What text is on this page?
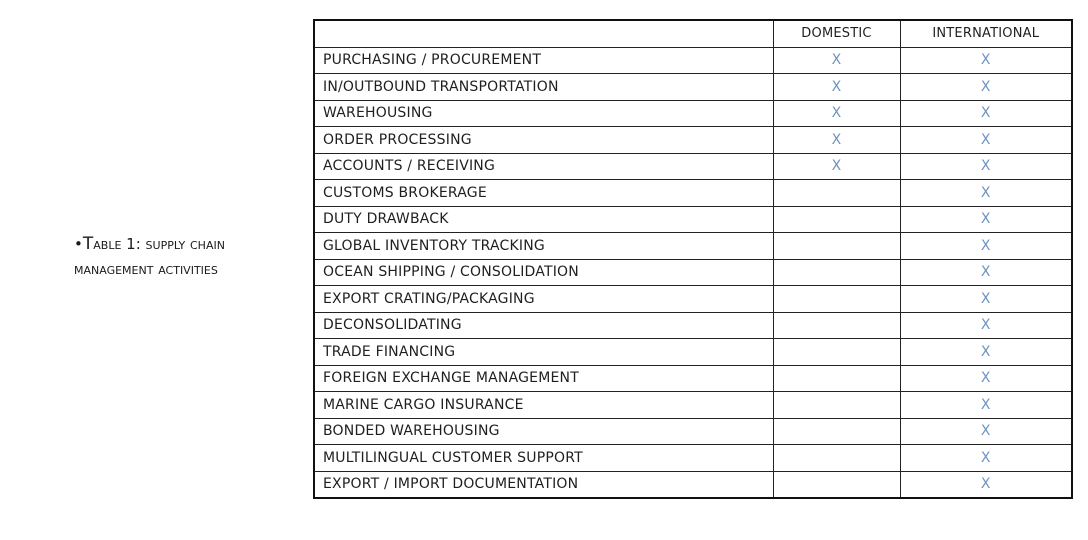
•Table 1: supply chain
management activities
	DOMESTIC	INTERNATIONAL
PURCHASING / PROCUREMENT	X	X
IN/OUTBOUND TRANSPORTATION	X	X
WAREHOUSING	X	X
ORDER PROCESSING	X	X
ACCOUNTS / RECEIVING	X	X
CUSTOMS BROKERAGE		X
DUTY DRAWBACK		X
GLOBAL INVENTORY TRACKING		X
OCEAN SHIPPING / CONSOLIDATION		X
EXPORT CRATING/PACKAGING		X
DECONSOLIDATING		X
TRADE FINANCING		X
FOREIGN EXCHANGE MANAGEMENT		X
MARINE CARGO INSURANCE		X
BONDED WAREHOUSING		X
MULTILINGUAL CUSTOMER SUPPORT		X
EXPORT / IMPORT DOCUMENTATION		X
